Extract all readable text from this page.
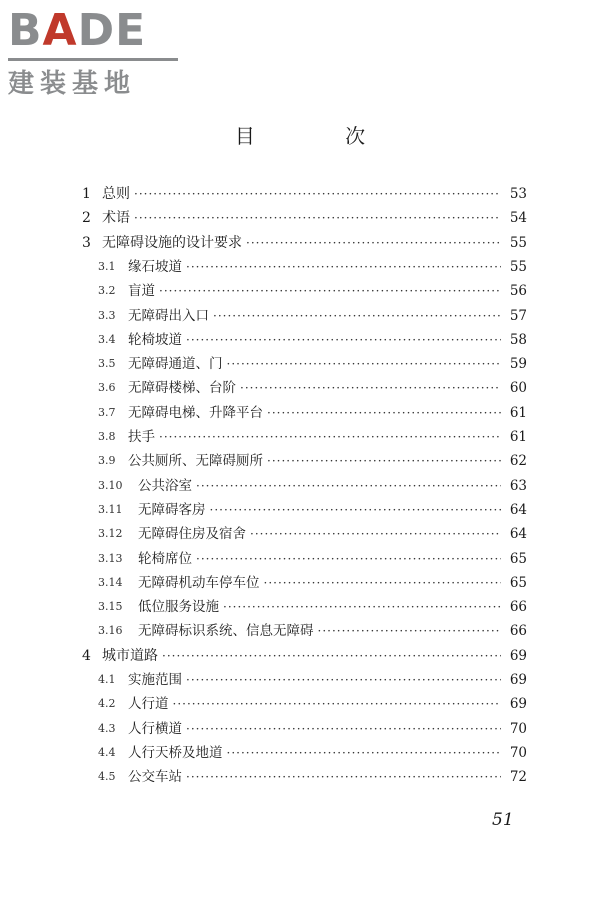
BADE
建装基地
目 次
1 总则 ·····	53
2 术语 ·····	54
3 无障碍设施的设计要求 ·····	55
3.1 缘石坡道 ·····	55
3.2 盲道 ·····	56
3.3 无障碍出入口 ·····	57
3.4 轮椅坡道 ·····	58
3.5 无障碍通道、门 ·····	59
3.6 无障碍楼梯、台阶 ·····	60
3.7 无障碍电梯、升降平台 ·····	61
3.8 扶手 ·····	61
3.9 公共厕所、无障碍厕所 ·····	62
3.10	公共浴室 ·····	63
3.11	无障碍客房 ·····	64
3.12	无障碍住房及宿舍 ·····	64
3.13	轮椅席位 ·····	65
3.14	无障碍机动车停车位 ·····	65
3.15	低位服务设施 ·····	66
3.16	无障碍标识系统、信息无障碍 ·····	66
4 城市道路 ·····	69
4.1 实施范围 ·····	69
4.2 人行道 ·····	69
4.3 人行横道 ·····	70
4.4 人行天桥及地道 ·····	70
4.5 公交车站 ·····	72
51
